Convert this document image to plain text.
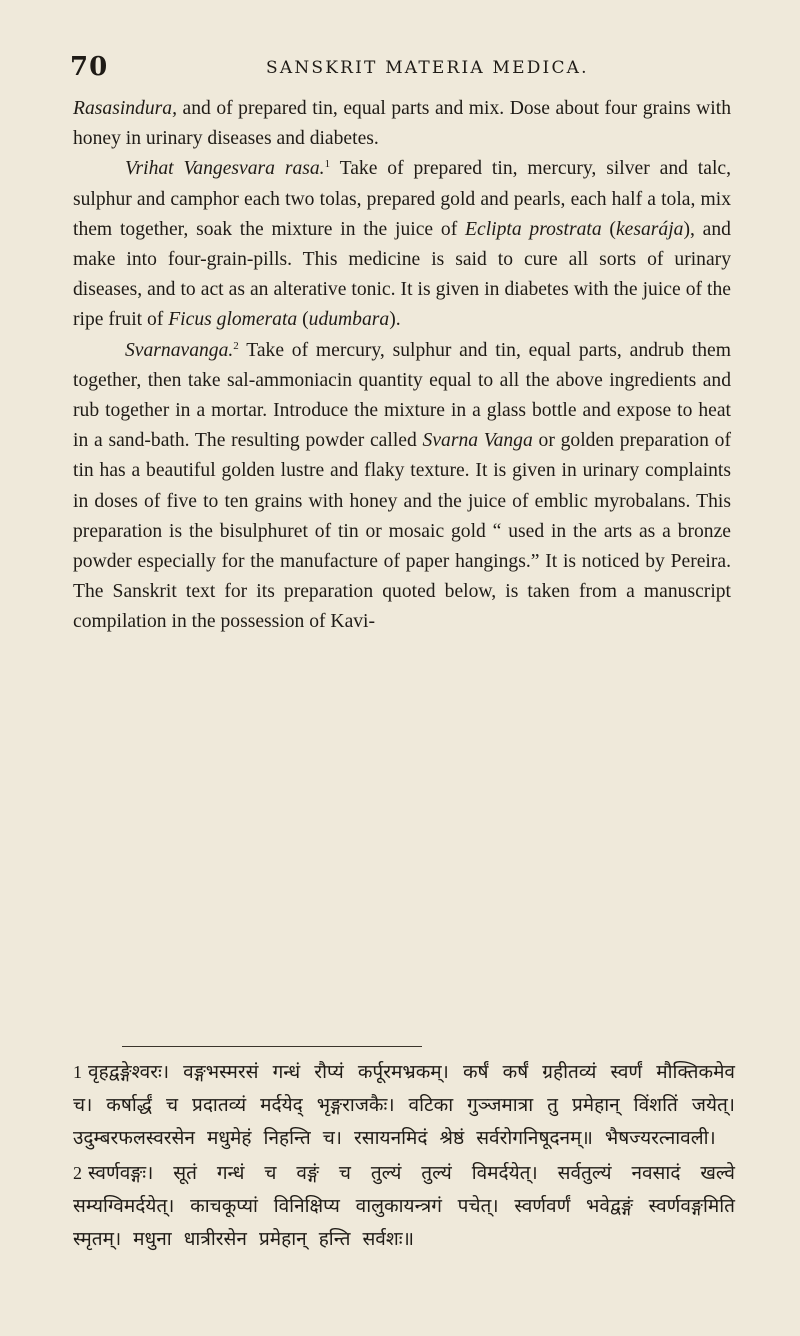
70	SANSKRIT MATERIA MEDICA.

Rasasindura, and of prepared tin, equal parts and mix. Dose about four grains with honey in urinary diseases and diabetes.

Vrihat Vangesvara rasa.$^1$ Take of prepared tin, mercury, silver and talc, sulphur and camphor each two tolas, prepared gold and pearls, each half a tola, mix them together, soak the mixture in the juice of Eclipta prostrata (kesarája), and make into four-grain-pills. This medicine is said to cure all sorts of urinary diseases, and to act as an alterative tonic. It is given in diabetes with the juice of the ripe fruit of Ficus glomerata (udumbara).

Svarnavanga.$^2$ Take of mercury, sulphur and tin, equal parts, andrub them together, then take sal-ammoniacin quantity equal to all the above ingredients and rub together in a mortar. Introduce the mixture in a glass bottle and expose to heat in a sand-bath. The resulting powder called Svarna Vanga or golden preparation of tin has a beautiful golden lustre and flaky texture. It is given in urinary complaints in doses of five to ten grains with honey and the juice of emblic myrobalans. This preparation is the bisulphuret of tin or mosaic gold “ used in the arts as a bronze powder especially for the manufacture of paper hangings.” It is noticed by Pereira. The Sanskrit text for its preparation quoted below, is taken from a manuscript compilation in the possession of Kavi-

1 वृहद्वङ्गेश्वरः। वङ्गभस्मरसं गन्धं रौप्यं कर्पूरमभ्रकम्। कर्षं कर्षं ग्रहीतव्यं स्वर्णं मौक्तिकमेव च। कर्षार्द्धं च प्रदातव्यं मर्दयेद् भृङ्गराजकैः। वटिका गुञ्जमात्रा तु प्रमेहान् विंशतिं जयेत्। उदुम्बरफलस्वरसेन मधुमेहं निहन्ति च। रसायनमिदं श्रेष्ठं सर्वरोगनिषूदनम्॥ भैषज्यरत्नावली।

2 स्वर्णवङ्गः। सूतं गन्धं च वङ्गं च तुल्यं तुल्यं विमर्दयेत्। सर्वतुल्यं नवसादं खल्वे सम्यग्विमर्दयेत्। काचकूप्यां विनिक्षिप्य वालुकायन्त्रगं पचेत्। स्वर्णवर्णं भवेद्वङ्गं स्वर्णवङ्गमिति स्मृतम्। मधुना धात्रीरसेन प्रमेहान् हन्ति सर्वशः॥
